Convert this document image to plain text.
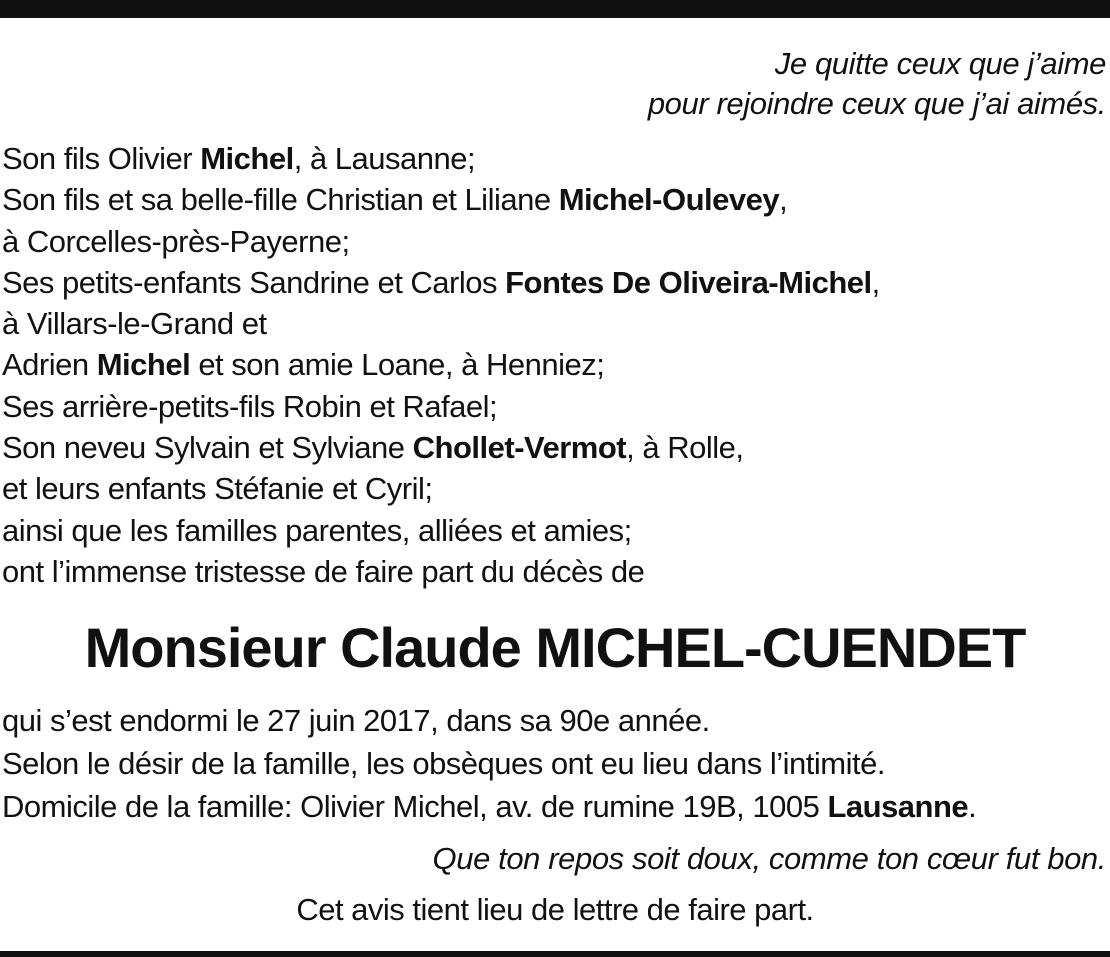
Je quitte ceux que j’aime
pour rejoindre ceux que j’ai aimés.
Son fils Olivier Michel, à Lausanne;
Son fils et sa belle-fille Christian et Liliane Michel-Oulevey,
à Corcelles-près-Payerne;
Ses petits-enfants Sandrine et Carlos Fontes De Oliveira-Michel,
à Villars-le-Grand et
Adrien Michel et son amie Loane, à Henniez;
Ses arrière-petits-fils Robin et Rafael;
Son neveu Sylvain et Sylviane Chollet-Vermot, à Rolle,
et leurs enfants Stéfanie et Cyril;
ainsi que les familles parentes, alliées et amies;
ont l’immense tristesse de faire part du décès de
Monsieur Claude MICHEL-CUENDET
qui s’est endormi le 27 juin 2017, dans sa 90e année.
Selon le désir de la famille, les obsèques ont eu lieu dans l’intimité.
Domicile de la famille: Olivier Michel, av. de rumine 19B, 1005 Lausanne.
Que ton repos soit doux, comme ton cœur fut bon.
Cet avis tient lieu de lettre de faire part.
